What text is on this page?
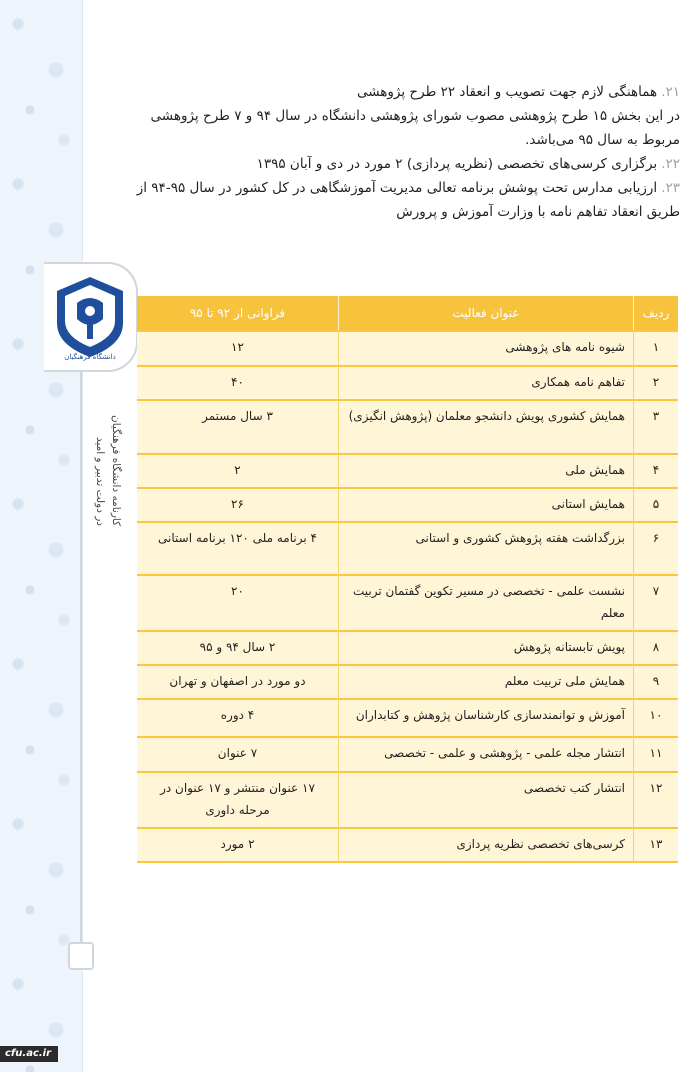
دانشگاه فرهنگیان
کارنامه دانشگاه فرهنگیان
در دولت تدبیر و امید
cfu.ac.ir

۲۱.هماهنگی لازم جهت تصویب و انعقاد ۲۲ طرح پژوهشی

در این بخش ۱۵ طرح پژوهشی مصوب شورای پژوهشی دانشگاه در سال ۹۴ و ۷ طرح پژوهشی مربوط به سال ۹۵ می‌باشد.

۲۲.برگزاری کرسی‌های تخصصی (نظریه پردازی) ۲ مورد در دی و آبان ۱۳۹۵

۲۳.ارزیابی مدارس تحت پوشش برنامه تعالی مدیریت آموزشگاهی در کل کشور در سال ۹۵-۹۴ از طریق انعقاد تفاهم نامه با وزارت آموزش و پرورش

ردیف	عنوان فعالیت	فراوانی از ۹۲ تا ۹۵
۱	شیوه نامه های پژوهشی	۱۲
۲	تفاهم نامه همکاری	۴۰
۳	همایش کشوری پویش دانشجو معلمان (پژوهش انگیزی)	۳ سال مستمر
۴	همایش ملی	۲
۵	همایش استانی	۲۶
۶	بزرگداشت هفته پژوهش کشوری و استانی	۴ برنامه ملی ۱۲۰ برنامه استانی
۷	نشست علمی - تخصصی در مسیر تکوین گفتمان تربیت معلم	۲۰
۸	پویش تابستانه پژوهش	۲ سال ۹۴ و ۹۵
۹	همایش ملی تربیت معلم	دو مورد در اصفهان و تهران
۱۰	آموزش و توانمندسازی کارشناسان پژوهش و کتابداران	۴ دوره
۱۱	انتشار مجله علمی - پژوهشی و علمی - تخصصی	۷ عنوان
۱۲	انتشار کتب تخصصی	۱۷ عنوان منتشر و ۱۷ عنوان در مرحله داوری
۱۳	کرسی‌های تخصصی نظریه پردازی	۲ مورد
